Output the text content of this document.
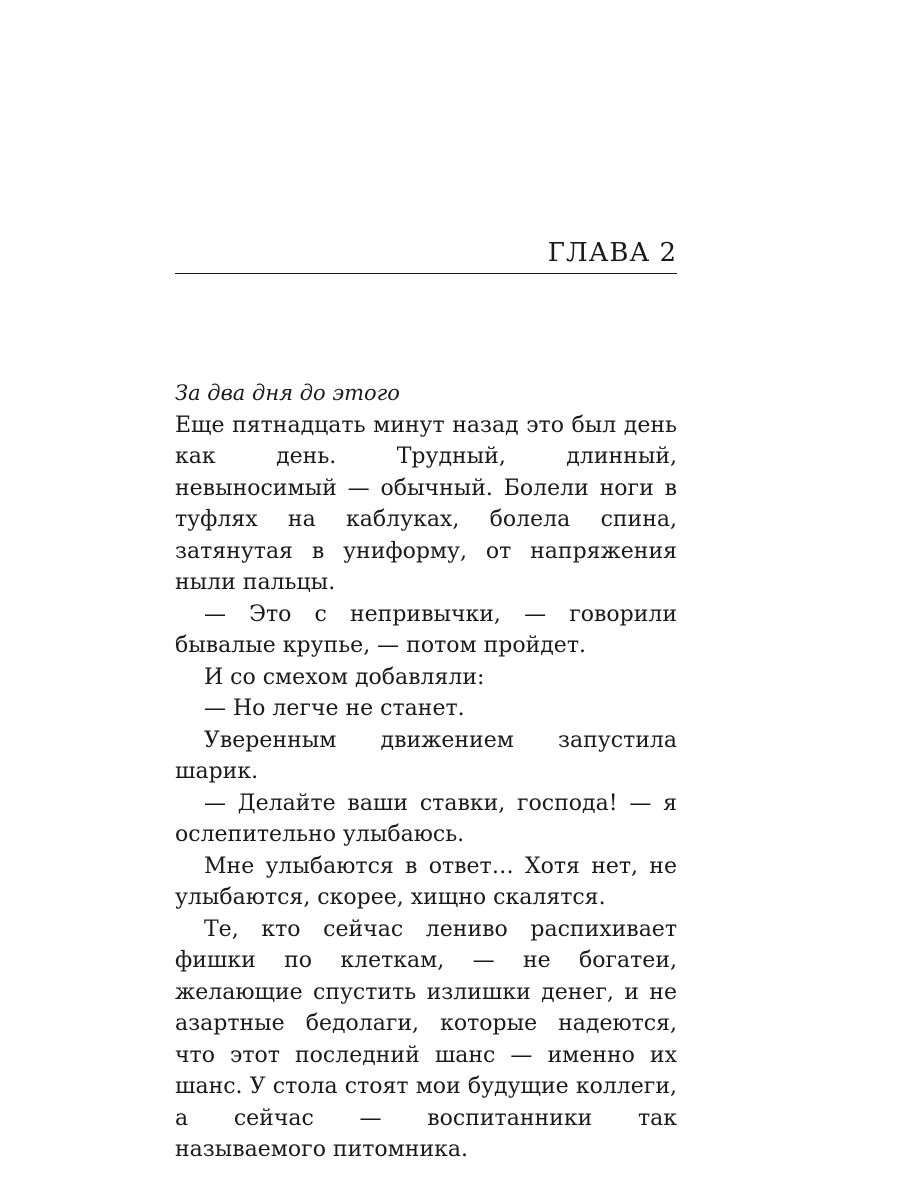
ГЛАВА 2

За два дня до этого

Еще пятнадцать минут назад это был день как день. Трудный, длинный, невыносимый — обычный. Болели ноги в туфлях на каблуках, болела спина, затянутая в униформу, от напряжения ныли пальцы.

— Это с непривычки, — говорили бывалые крупье, — потом пройдет.

И со смехом добавляли:

— Но легче не станет.

Уверенным движением запустила шарик.

— Делайте ваши ставки, господа! — я ослепительно улыбаюсь.

Мне улыбаются в ответ… Хотя нет, не улыбаются, скорее, хищно скалятся.

Те, кто сейчас лениво распихивает фишки по клеткам, — не богатеи, желающие спустить излишки денег, и не азартные бедолаги, которые надеются, что этот последний шанс — именно их шанс. У стола стоят мои будущие коллеги, а сейчас — воспитанники так называемого питомника.
